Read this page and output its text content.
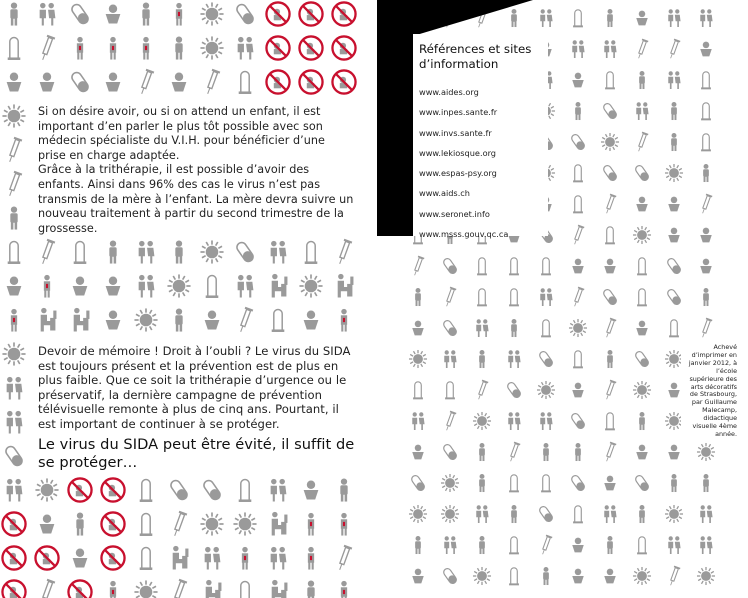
Si on désire avoir, ou si on attend un enfant, il est important d’en parler le plus tôt possible avec son médecin spécialiste du V.I.H. pour bénéficier d’une prise en charge adaptée.
Grâce à la trithérapie, il est possible d’avoir des enfants. Ainsi dans 96% des cas le virus n’est pas transmis de la mère à l’enfant. La mère devra suivre un nouveau traitement à partir du second trimestre de la grossesse.
Devoir de mémoire ! Droit à l’oubli ? Le virus du SIDA est toujours présent et la prévention est de plus en plus faible. Que ce soit la trithérapie d’urgence ou le préservatif, la dernière campagne de prévention télévisuelle remonte à plus de cinq ans. Pourtant, il est important de continuer à se protéger.
Le virus du SIDA peut être évité, il suffit de se protéger…
Références et sites d’information
www.aides.org
www.inpes.sante.fr
www.invs.sante.fr
www.lekiosque.org
www.espas-psy.org
www.aids.ch
www.seronet.info
www.msss.gouv.qc.ca
Achevé d’imprimer en janvier 2012, à l’école supérieure des arts décoratifs de Strasbourg, par Guillaume Malecamp, didactique visuelle 4ème année.
